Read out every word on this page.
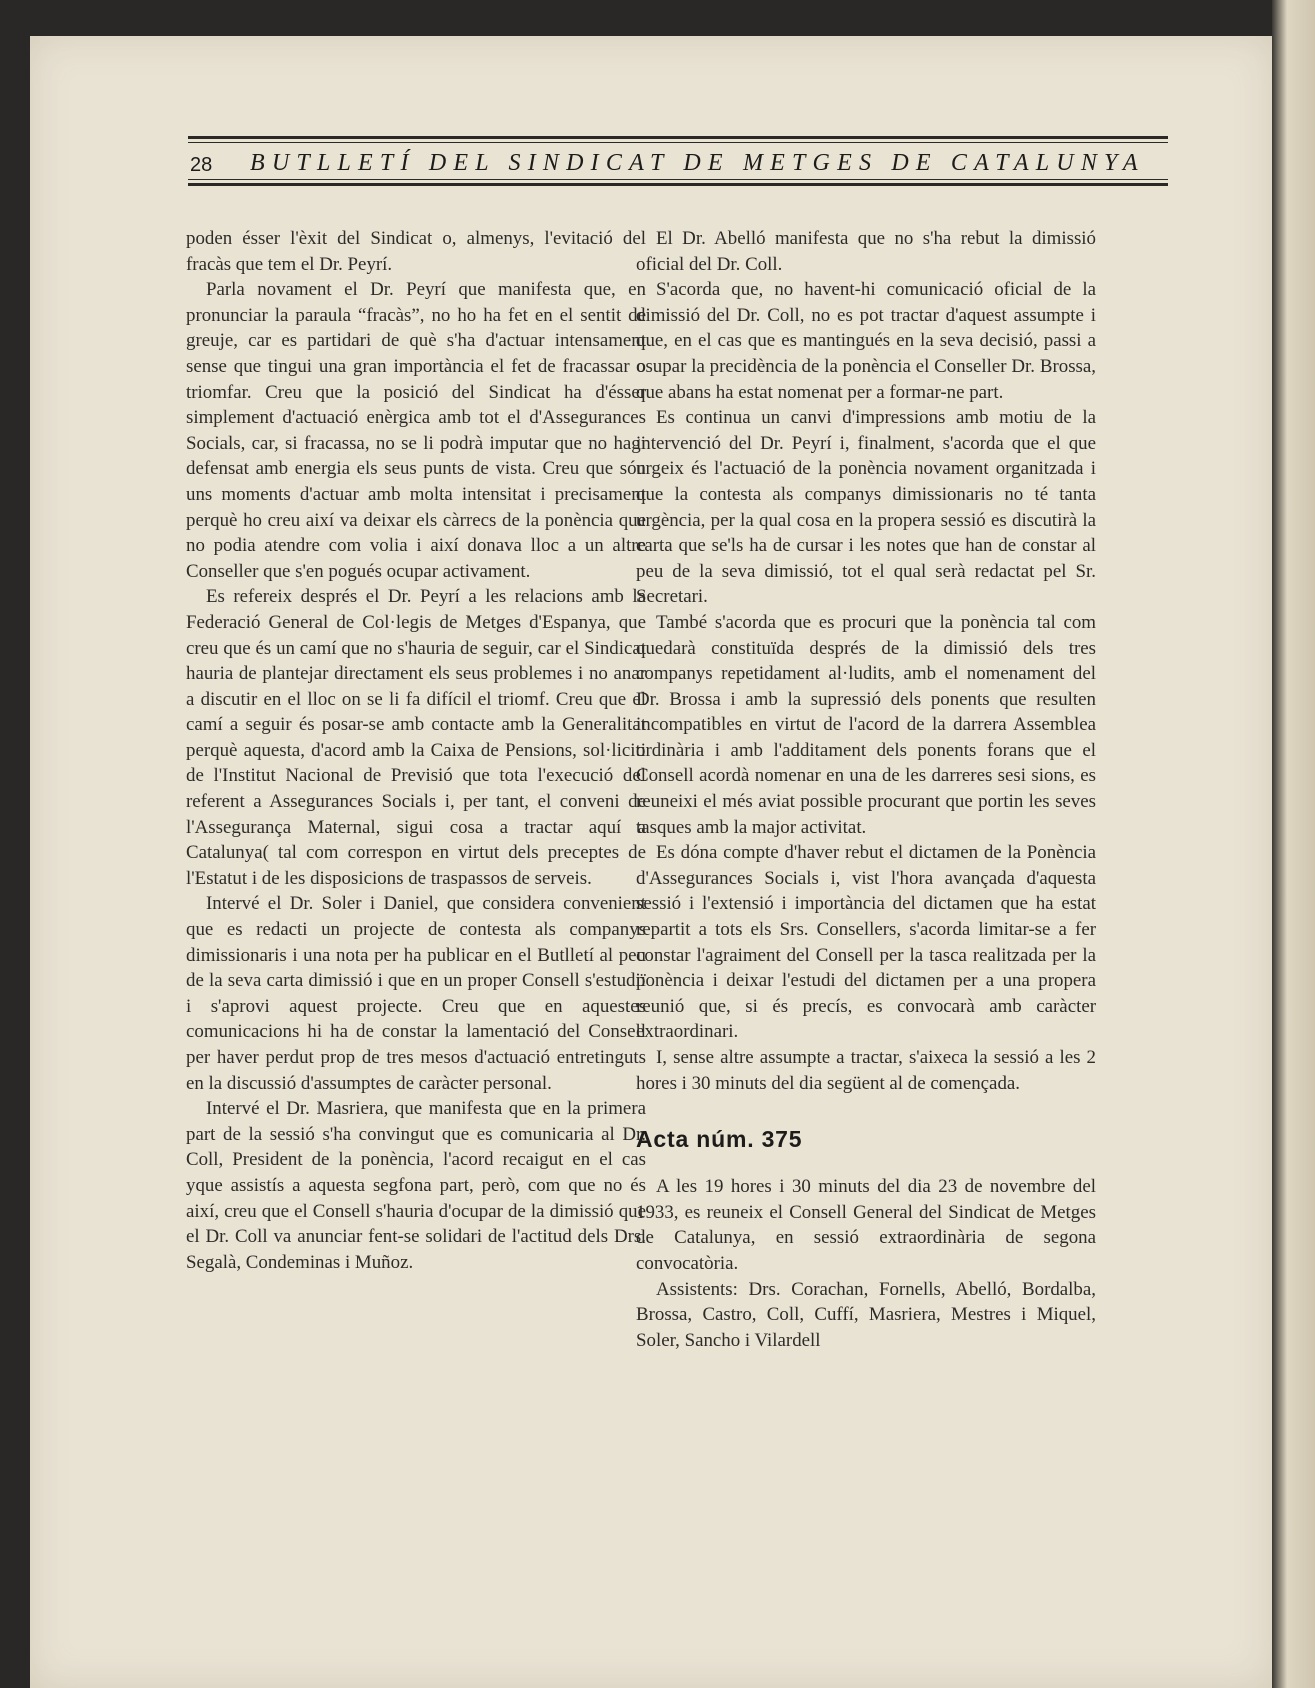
28 BUTLLETÍ DEL SINDICAT DE METGES DE CATALUNYA

poden ésser l'èxit del Sindicat o, almenys, l'evitació del fracàs que tem el Dr. Peyrí.

Parla novament el Dr. Peyrí que manifesta que, en pronunciar la paraula “fracàs”, no ho ha fet en el sentit de greuje, car es partidari de què s'ha d'actuar intensament sense que tingui una gran importància el fet de fracassar o triomfar. Creu que la posició del Sindicat ha d'ésser simplement d'actuació enèrgica amb tot el d'Assegurances Socials, car, si fracassa, no se li podrà imputar que no hagi defensat amb energia els seus punts de vista. Creu que són uns moments d'actuar amb molta intensitat i precisament perquè ho creu així va deixar els càrrecs de la ponència que no podia atendre com volia i així donava lloc a un altre Conseller que s'en pogués ocupar activament.

Es refereix després el Dr. Peyrí a les relacions amb la Federació General de Col·legis de Metges d'Espanya, que creu que és un camí que no s'hauria de seguir, car el Sindicat hauria de plantejar directament els seus problemes i no anar a discutir en el lloc on se li fa difícil el triomf. Creu que el camí a seguir és posar-se amb contacte amb la Generalitat perquè aquesta, d'acord amb la Caixa de Pensions, sol·liciti de l'Institut Nacional de Previsió que tota l'execució del referent a Assegurances Socials i, per tant, el conveni de l'Assegurança Maternal, sigui cosa a tractar aquí a Catalunya( tal com correspon en virtut dels preceptes de l'Estatut i de les disposicions de traspassos de serveis.

Intervé el Dr. Soler i Daniel, que considera convenient que es redacti un projecte de contesta als companys dimissionaris i una nota per ha publicar en el Butlletí al peu de la seva carta dimissió i que en un proper Consell s'estudiï i s'aprovi aquest projecte. Creu que en aquestes comunicacions hi ha de constar la lamentació del Consell per haver perdut prop de tres mesos d'actuació entretinguts en la discussió d'assumptes de caràcter personal.

Intervé el Dr. Masriera, que manifesta que en la primera part de la sessió s'ha convingut que es comunicaria al Dr. Coll, President de la ponència, l'acord recaigut en el cas yque assistís a aquesta segfona part, però, com que no és així, creu que el Consell s'hauria d'ocupar de la dimissió que el Dr. Coll va anunciar fent-se solidari de l'actitud dels Drs. Segalà, Condeminas i Muñoz.

El Dr. Abelló manifesta que no s'ha rebut la dimissió oficial del Dr. Coll.

S'acorda que, no havent-hi comunicació oficial de la dimissió del Dr. Coll, no es pot tractar d'aquest assumpte i que, en el cas que es mantingués en la seva decisió, passi a osupar la precidència de la ponència el Conseller Dr. Brossa, que abans ha estat nomenat per a formar-ne part.

Es continua un canvi d'impressions amb motiu de la intervenció del Dr. Peyrí i, finalment, s'acorda que el que urgeix és l'actuació de la ponència novament organitzada i que la contesta als companys dimissionaris no té tanta urgència, per la qual cosa en la propera sessió es discutirà la carta que se'ls ha de cursar i les notes que han de constar al peu de la seva dimissió, tot el qual serà redactat pel Sr. Secretari.

També s'acorda que es procuri que la ponència tal com quedarà constituïda després de la dimissió dels tres companys repetidament al·ludits, amb el nomenament del Dr. Brossa i amb la supressió dels ponents que resulten incompatibles en virtut de l'acord de la darrera Assemblea ordinària i amb l'additament dels ponents forans que el Consell acordà nomenar en una de les darreres sesi sions, es reuneixi el més aviat possible procurant que portin les seves tasques amb la major activitat.

Es dóna compte d'haver rebut el dictamen de la Ponència d'Assegurances Socials i, vist l'hora avançada d'aquesta sessió i l'extensió i importància del dictamen que ha estat repartit a tots els Srs. Consellers, s'acorda limitar-se a fer constar l'agraiment del Consell per la tasca realitzada per la ponència i deixar l'estudi del dictamen per a una propera reunió que, si és precís, es convocarà amb caràcter extraordinari.

I, sense altre assumpte a tractar, s'aixeca la sessió a les 2 hores i 30 minuts del dia següent al de començada.

Acta núm. 375

A les 19 hores i 30 minuts del dia 23 de novembre del 1933, es reuneix el Consell General del Sindicat de Metges de Catalunya, en sessió extraordinària de segona convocatòria.

Assistents: Drs. Corachan, Fornells, Abelló, Bordalba, Brossa, Castro, Coll, Cuffí, Masriera, Mestres i Miquel, Soler, Sancho i Vilardell
